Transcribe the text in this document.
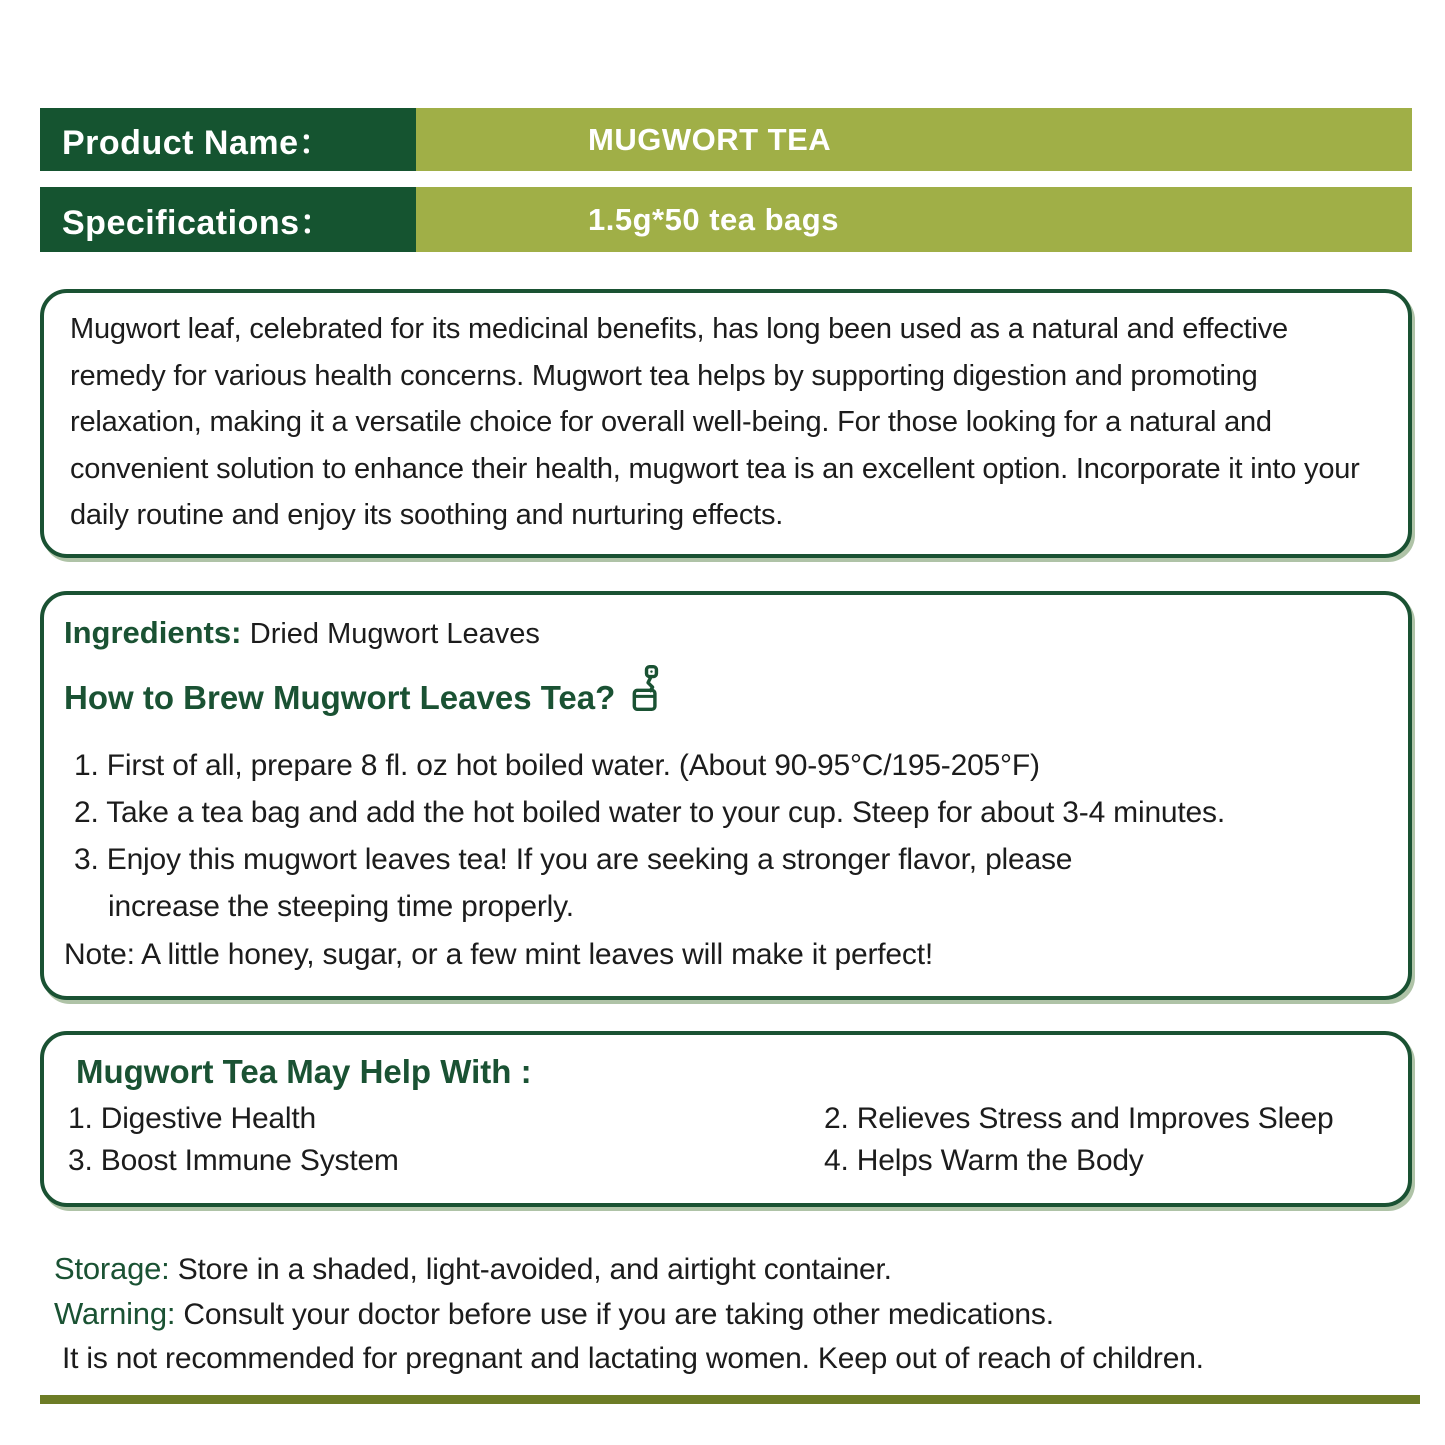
Product Name：	MUGWORT TEA
Specifications：	1.5g*50 tea bags
Mugwort leaf, celebrated for its medicinal benefits, has long been used as a natural and effective remedy for various health concerns. Mugwort tea helps by supporting digestion and promoting relaxation, making it a versatile choice for overall well-being. For those looking for a natural and convenient solution to enhance their health, mugwort tea is an excellent option. Incorporate it into your daily routine and enjoy its soothing and nurturing effects.
Ingredients: Dried Mugwort Leaves
How to Brew Mugwort Leaves Tea?
1. First of all, prepare 8 fl. oz hot boiled water. (About 90-95°C/195-205°F)
2. Take a tea bag and add the hot boiled water to your cup. Steep for about 3-4 minutes.
3. Enjoy this mugwort leaves tea! If you are seeking a stronger flavor, please
increase the steeping time properly.
Note: A little honey, sugar, or a few mint leaves will make it perfect!
Mugwort Tea May Help With :
1. Digestive Health	2. Relieves Stress and Improves Sleep
3. Boost Immune System	4. Helps Warm the Body
Storage: Store in a shaded, light-avoided, and airtight container.
Warning: Consult your doctor before use if you are taking other medications.
It is not recommended for pregnant and lactating women. Keep out of reach of children.
